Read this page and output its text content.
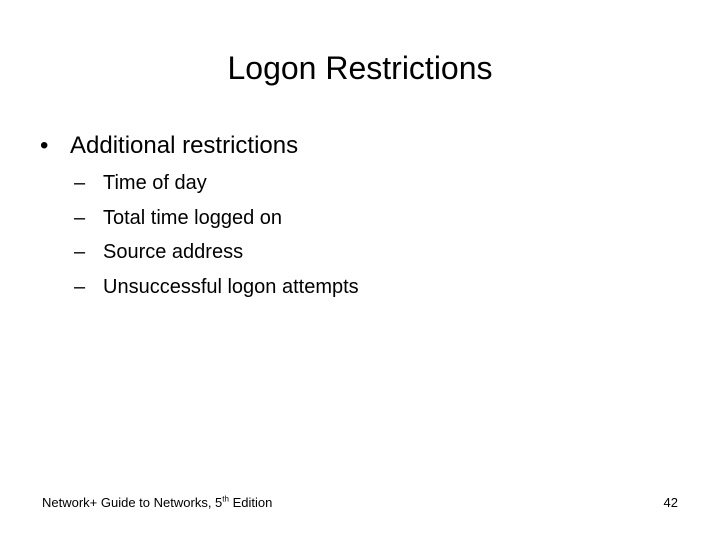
Logon Restrictions
• Additional restrictions
– Time of day
– Total time logged on
– Source address
– Unsuccessful logon attempts
Network+ Guide to Networks, 5th Edition	42
